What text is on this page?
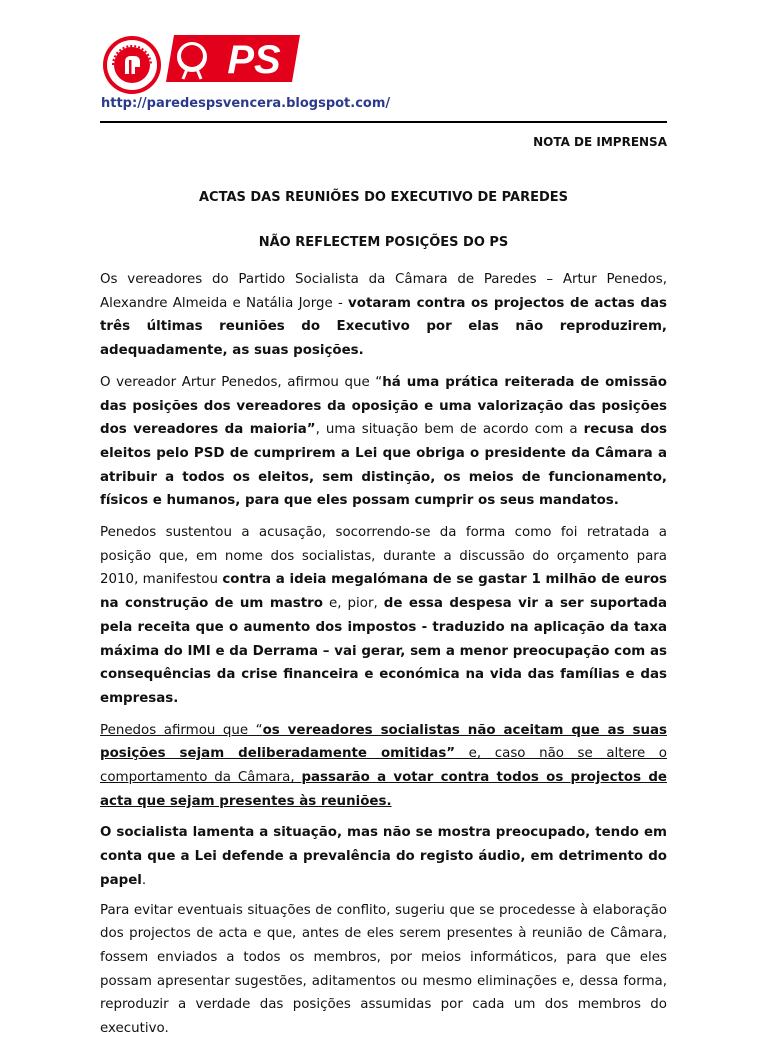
PS
http://paredespsvencera.blogspot.com/
NOTA DE IMPRENSA
ACTAS DAS REUNIÕES DO EXECUTIVO DE PAREDES
NÃO REFLECTEM POSIÇÕES DO PS

Os vereadores do Partido Socialista da Câmara de Paredes – Artur Penedos, Alexandre Almeida e Natália Jorge - votaram contra os projectos de actas das três últimas reuniões do Executivo por elas não reproduzirem, adequadamente, as suas posições.

O vereador Artur Penedos, afirmou que “há uma prática reiterada de omissão das posições dos vereadores da oposição e uma valorização das posições dos vereadores da maioria”, uma situação bem de acordo com a recusa dos eleitos pelo PSD de cumprirem a Lei que obriga o presidente da Câmara a atribuir a todos os eleitos, sem distinção, os meios de funcionamento, físicos e humanos, para que eles possam cumprir os seus mandatos.

Penedos sustentou a acusação, socorrendo-se da forma como foi retratada a posição que, em nome dos socialistas, durante a discussão do orçamento para 2010, manifestou contra a ideia megalómana de se gastar 1 milhão de euros na construção de um mastro e, pior, de essa despesa vir a ser suportada pela receita que o aumento dos impostos - traduzido na aplicação da taxa máxima do IMI e da Derrama – vai gerar, sem a menor preocupação com as consequências da crise financeira e económica na vida das famílias e das empresas.

Penedos afirmou que “os vereadores socialistas não aceitam que as suas posições sejam deliberadamente omitidas” e, caso não se altere o comportamento da Câmara, passarão a votar contra todos os projectos de acta que sejam presentes às reuniões.

O socialista lamenta a situação, mas não se mostra preocupado, tendo em conta que a Lei defende a prevalência do registo áudio, em detrimento do papel.

Para evitar eventuais situações de conflito, sugeriu que se procedesse à elaboração dos projectos de acta e que, antes de eles serem presentes à reunião de Câmara, fossem enviados a todos os membros, por meios informáticos, para que eles possam apresentar sugestões, aditamentos ou mesmo eliminações e, dessa forma, reproduzir a verdade das posições assumidas por cada um dos membros do executivo.
